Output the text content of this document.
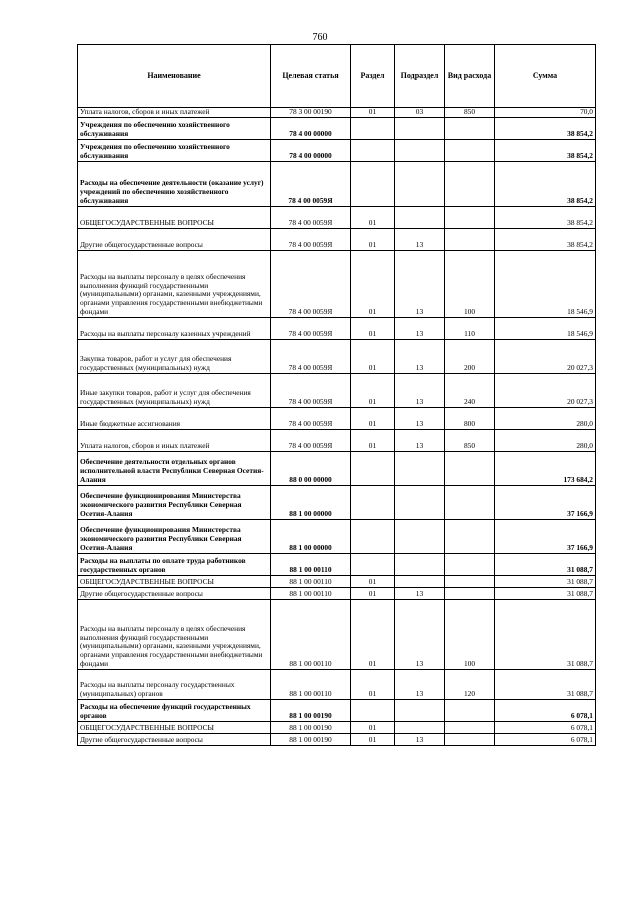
760
Наименование	Целевая статья	Раздел	Подраздел	Вид расхода	Сумма
Уплата налогов, сборов и иных платежей	78 3 00 00190	01	03	850	70,0
Учреждения по обеспечению хозяйственного обслуживания	78 4 00 00000				38 854,2
Учреждения по обеспечению хозяйственного обслуживания	78 4 00 00000				38 854,2
Расходы на обеспечение деятельности (оказание услуг) учреждений по обеспечению хозяйственного обслуживания	78 4 00 0059Я				38 854,2
ОБЩЕГОСУДАРСТВЕННЫЕ ВОПРОСЫ	78 4 00 0059Я	01			38 854,2
Другие общегосударственные вопросы	78 4 00 0059Я	01	13		38 854,2
Расходы на выплаты персоналу в целях обеспечения выполнения функций государственными (муниципальными) органами, казенными учреждениями, органами управления государственными внебюджетными фондами	78 4 00 0059Я	01	13	100	18 546,9
Расходы на выплаты персоналу казенных учреждений	78 4 00 0059Я	01	13	110	18 546,9
Закупка товаров, работ и услуг для обеспечения государственных (муниципальных) нужд	78 4 00 0059Я	01	13	200	20 027,3
Иные закупки товаров, работ и услуг для обеспечения государственных (муниципальных) нужд	78 4 00 0059Я	01	13	240	20 027,3
Иные бюджетные ассигнования	78 4 00 0059Я	01	13	800	280,0
Уплата налогов, сборов и иных платежей	78 4 00 0059Я	01	13	850	280,0
Обеспечение деятельности отдельных органов исполнительной власти Республики Северная Осетия-Алания	88 0 00 00000				173 684,2
Обеспечение функционирования Министерства экономического развития Республики Северная Осетия-Алания	88 1 00 00000				37 166,9
Обеспечение функционирования Министерства экономического развития Республики Северная Осетия-Алания	88 1 00 00000				37 166,9
Расходы на выплаты по оплате труда работников государственных органов	88 1 00 00110				31 088,7
ОБЩЕГОСУДАРСТВЕННЫЕ ВОПРОСЫ	88 1 00 00110	01			31 088,7
Другие общегосударственные вопросы	88 1 00 00110	01	13		31 088,7
Расходы на выплаты персоналу в целях обеспечения выполнения функций государственными (муниципальными) органами, казенными учреждениями, органами управления государственными внебюджетными фондами	88 1 00 00110	01	13	100	31 088,7
Расходы на выплаты персоналу государственных (муниципальных) органов	88 1 00 00110	01	13	120	31 088,7
Расходы на обеспечение функций государственных органов	88 1 00 00190				6 078,1
ОБЩЕГОСУДАРСТВЕННЫЕ ВОПРОСЫ	88 1 00 00190	01			6 078,1
Другие общегосударственные вопросы	88 1 00 00190	01	13		6 078,1
